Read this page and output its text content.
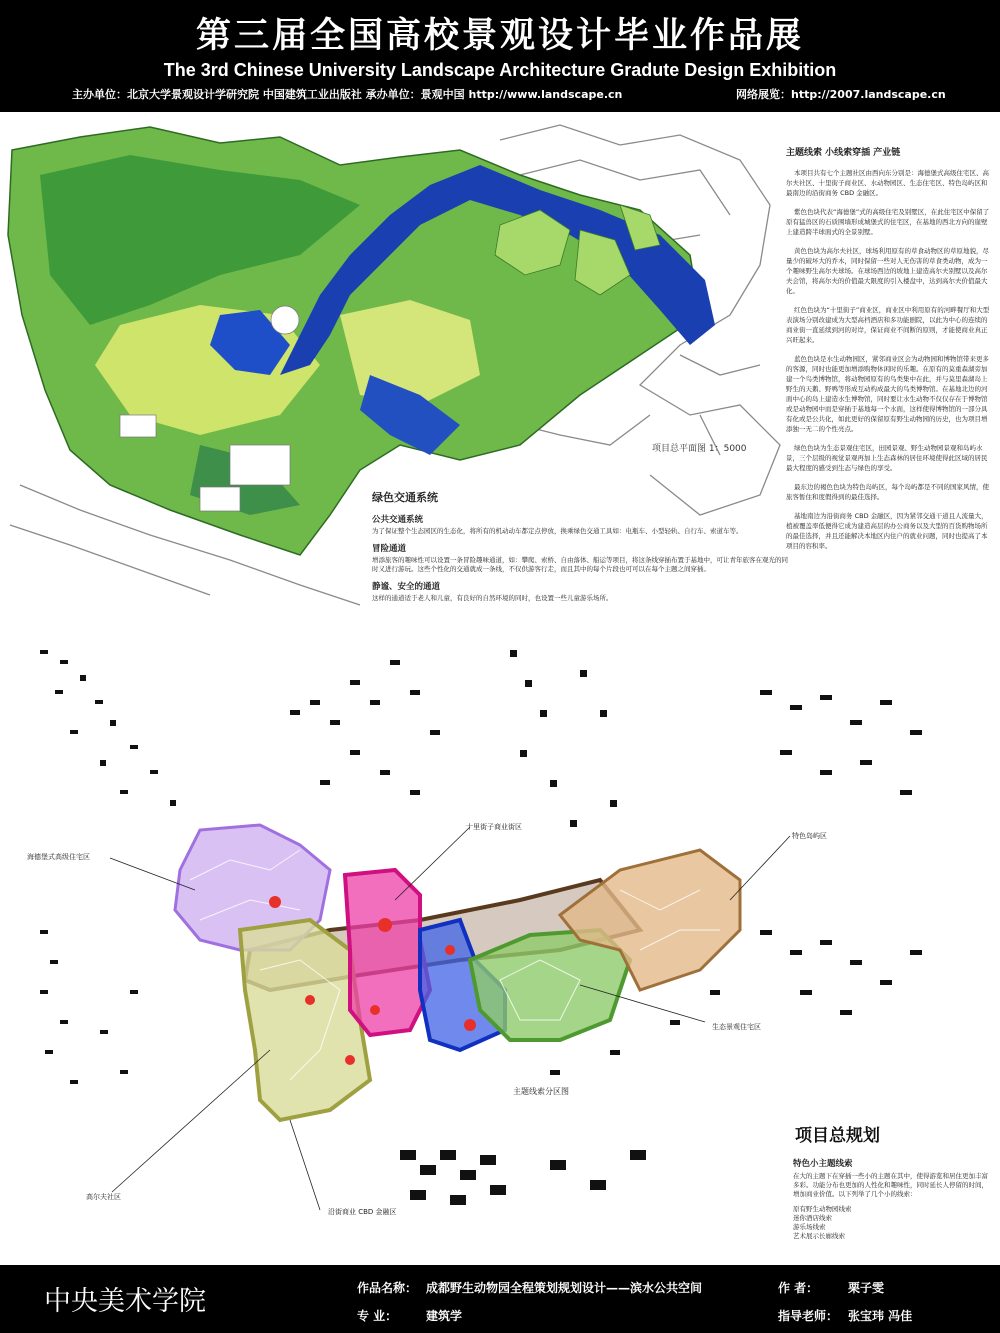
第三届全国高校景观设计毕业作品展
The 3rd Chinese University Landscape Architecture Gradute Design Exhibition
主办单位：北京大学景观设计学研究院 中国建筑工业出版社 承办单位：景观中国 http://www.landscape.cn	网络展览：http://2007.landscape.cn
项目总平面图 1：5000
主题线索 小线索穿插 产业链

本项目共有七个主题社区由西向东分别是：海德堡式高级住宅区、高尔夫社区、十里街子商业区、水动物园区、生态住宅区、特色岛屿区和最南边的沿街商务 CBD 金融区。

紫色色块代表“海德堡”式的高级住宅及别墅区，在此住宅区中保留了原有猛兽区的石质围墙形成城堡式的住宅区，在基地的西北方向的崖壁上建造跨半球面式的全景别墅。

黄色色块为高尔夫社区，球场利用原有的草食动物区的草原地貌，尽量少的破坏大的乔木，同时保留一些对人无伤害的草食类动物，成为一个趣味野生高尔夫球场。在球场西边的坡地上建造高尔夫别墅以及高尔夫会馆，将高尔夫的价值最大限度的引入楼盘中，达到高尔夫价值最大化。

红色色块为“十里街子”商业区，商业区中利用原有的河畔餐厅和大型表演场分别改建成为大型高档酒店和多功能剧院，以此为中心的连续的商业街一直延续到河的对岸，保证商业不间断的原则，才能使商业真正兴旺起来。

蓝色色块是水生动物园区，紧邻商业区会为动物园和博物馆带来更多的客源，同时也能更加增添购物休闲时的乐趣。在原有的莫重森湖旁加建一个鸟类博物馆，将动物园原有的鸟类集中在此，并与莫里森湖岛上野生的天鹅、野鸭等形成互动构成最大的鸟类博物馆。在基地北边的河面中心的岛上建造水生博物馆，同时要让水生动物不仅仅存在于博物馆或是动物园中而是穿插于基地每一个水面，这样使得博物馆的一部分具有化或是公共化，如此更好的保留原有野生动物园的历史，也为项目增添独一无二的个性亮点。

绿色色块为生态景观住宅区，田园景观、野生动物园景观和岛屿水景，三个层级的视觉景观再加上生态森林的居住环境使得此区域的居民最大程度的感受到生态与绿色的享受。

最东边的褐色色块为特色岛屿区，每个岛屿都是不同的国家风情，使旅客暂住和度假得到的最佳选择。

基地南边为沿街商务 CBD 金融区，因为紧邻交通干道且人流量大，植被覆盖率低便得它成为建造高层的办公商务以及大型的百货购物场所的最佳选择，并且还能解决本地区内住户的就业问题，同时也提高了本项目的容积率。

绿色交通系统
公共交通系统

为了保证整个生态园区的生态化，将所有的机动动车都定点停放，换乘绿色交通工具如：电瓶车、小型轻轨、自行车、索道车等。

冒险通道

增添旅客的趣味性可以设置一条冒险趣味通道，如：攀爬、索桥、自由落体、船运等项目，将这条线穿插布置于基地中，可让青年旅客在观光的同时又进行游玩。这些个性化的交通就成一条线，不仅供游客行走，而且其中的每个片段也可可以在每个主题之间穿插。

静谧、安全的通道

这样的通道适于老人和儿童，有良好的自然环境的同时，也设置一些儿童游乐场所。

海德堡式高级住宅区
十里街子商业街区
特色岛屿区
生态景观住宅区
高尔夫社区
沿街商业 CBD 金融区
主题线索分区图
项目总规划
特色小主题线索

在大的主题下在穿插一些小的主题在其中，使得游览和居住更加丰富多彩。功能分布也更加的人性化和趣味性，同时延长人停留的时间，增加商业价值。以下列举了几个小的线索：

原有野生动物园线索
迷你酒店线索
游乐场线索
艺术展示长廊线索
中央美术学院	作品名称： 成都野生动物园全程策划规划设计——滨水公共空间	作 者： 栗子雯
专 业： 建筑学	指导老师： 张宝玮 冯佳
